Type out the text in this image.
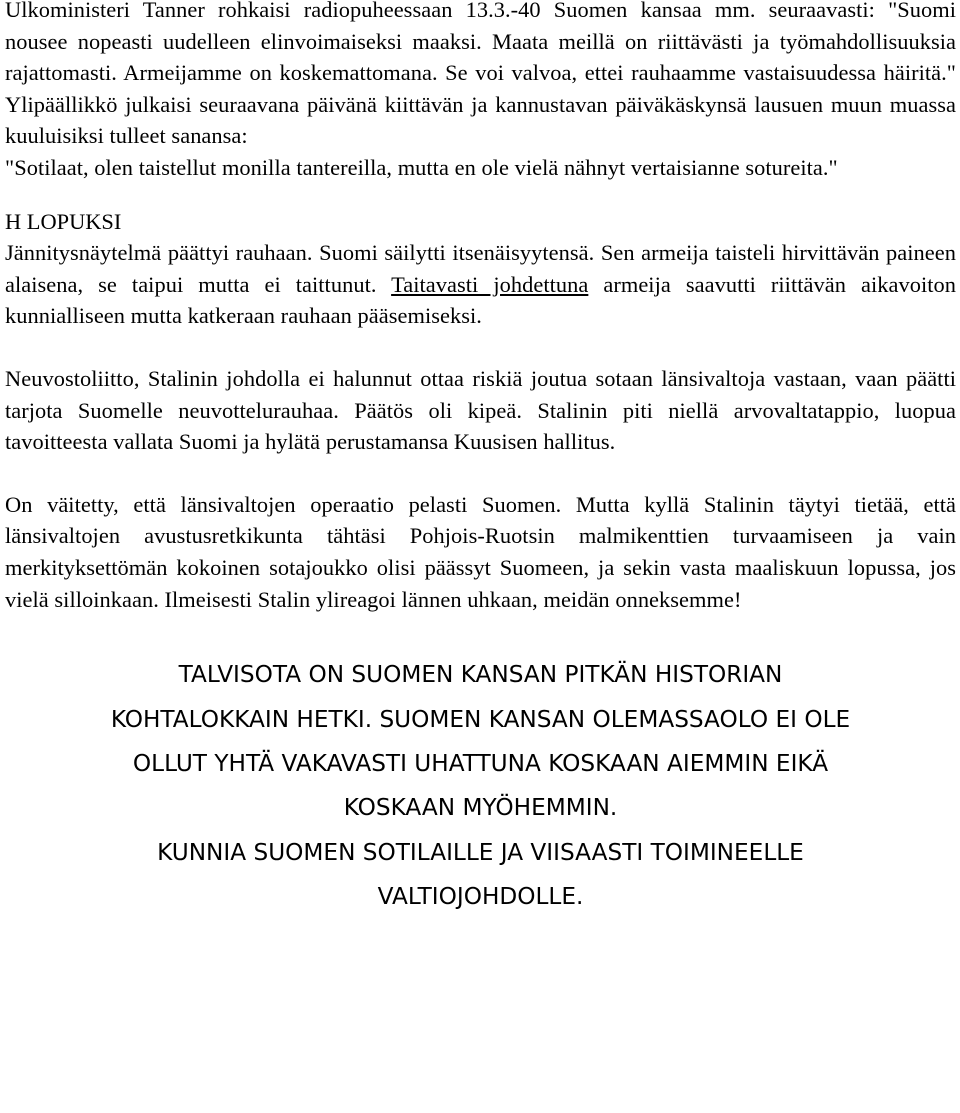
Ulkoministeri Tanner rohkaisi radiopuheessaan 13.3.-40 Suomen kansaa mm. seuraavasti: "Suomi nousee nopeasti uudelleen elinvoimaiseksi maaksi. Maata meillä on riittävästi ja työmahdollisuuksia rajattomasti. Armeijamme on koskemattomana. Se voi valvoa, ettei rauhaamme vastaisuudessa häiritä." Ylipäällikkö julkaisi seuraavana päivänä kiittävän ja kannustavan päiväkäskynsä lausuen muun muassa kuuluisiksi tulleet sanansa:

"Sotilaat, olen taistellut monilla tantereilla, mutta en ole vielä nähnyt vertaisianne sotureita."

H LOPUKSI

Jännitysnäytelmä päättyi rauhaan. Suomi säilytti itsenäisyytensä. Sen armeija taisteli hirvittävän paineen alaisena, se taipui mutta ei taittunut. Taitavasti johdettuna armeija saavutti riittävän aikavoiton kunnialliseen mutta katkeraan rauhaan pääsemiseksi.

Neuvostoliitto, Stalinin johdolla ei halunnut ottaa riskiä joutua sotaan länsivaltoja vastaan, vaan päätti tarjota Suomelle neuvottelurauhaa. Päätös oli kipeä. Stalinin piti niellä arvovaltatappio, luopua tavoitteesta vallata Suomi ja hylätä perustamansa Kuusisen hallitus.

On väitetty, että länsivaltojen operaatio pelasti Suomen. Mutta kyllä Stalinin täytyi tietää, että länsivaltojen avustusretkikunta tähtäsi Pohjois-Ruotsin malmikenttien turvaamiseen ja vain merkityksettömän kokoinen sotajoukko olisi päässyt Suomeen, ja sekin vasta maaliskuun lopussa, jos vielä silloinkaan. Ilmeisesti Stalin ylireagoi lännen uhkaan, meidän onneksemme!

TALVISOTA ON SUOMEN KANSAN PITKÄN HISTORIAN
KOHTALOKKAIN HETKI. SUOMEN KANSAN OLEMASSAOLO EI OLE
OLLUT YHTÄ VAKAVASTI UHATTUNA KOSKAAN AIEMMIN EIKÄ
KOSKAAN MYÖHEMMIN.
KUNNIA SUOMEN SOTILAILLE JA VIISAASTI TOIMINEELLE
VALTIOJOHDOLLE.
